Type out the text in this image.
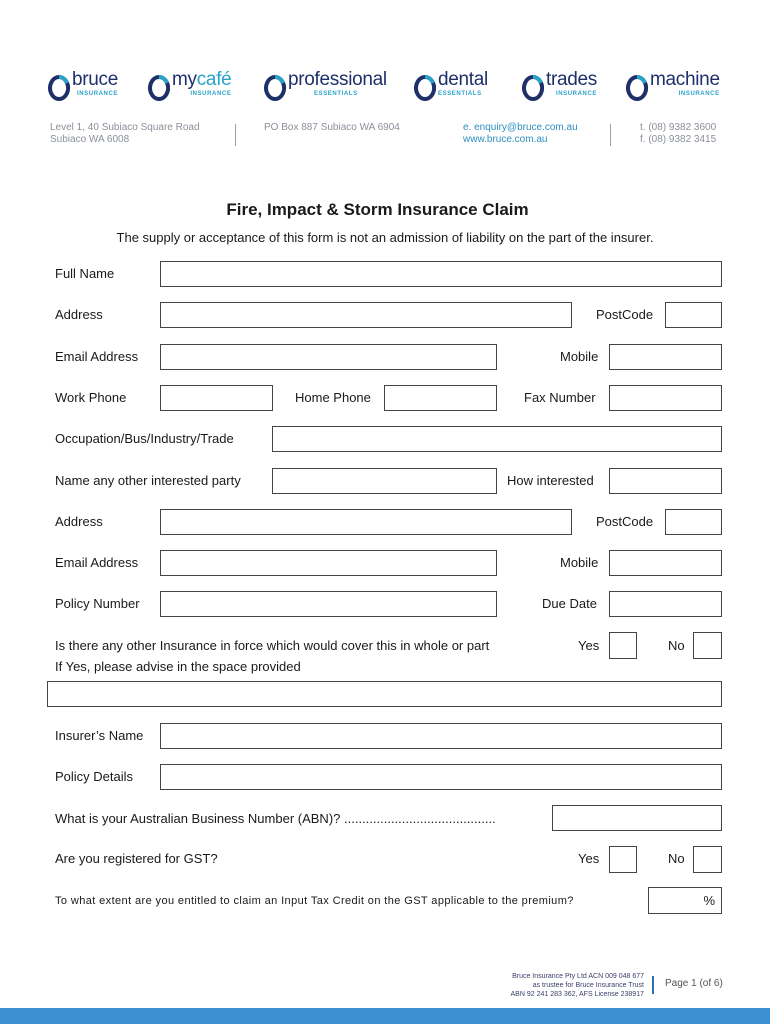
bruce
INSURANCE
mycafé
INSURANCE
professional
ESSENTIALS
dental
ESSENTIALS
trades
INSURANCE
machine
INSURANCE
Level 1, 40 Subiaco Square Road
Subiaco WA 6008
PO Box 887 Subiaco WA 6904	e. enquiry@bruce.com.au
www.bruce.com.au
t. (08) 9382 3600
f. (08) 9382 3415
Fire, Impact & Storm Insurance Claim
The supply or acceptance of this form is not an admission of liability on the part of the insurer.
Full Name
Address	PostCode
Email Address	Mobile
Work Phone	Home Phone	Fax Number
Occupation/Bus/Industry/Trade
Name any other interested party	How interested
Address	PostCode
Email Address	Mobile
Policy Number	Due Date
Is there any other Insurance in force which would cover this in whole or part	Yes	No
If Yes, please advise in the space provided
Insurer’s Name
Policy Details
What is your Australian Business Number (ABN)? ..........................................
Are you registered for GST?	Yes	No
To what extent are you entitled to claim an Input Tax Credit on the GST applicable to the premium?	%
Bruce Insurance Pty Ltd ACN 009 048 677
as trustee for Bruce Insurance Trust
ABN 92 241 283 362, AFS License 238917
Page 1 (of 6)
